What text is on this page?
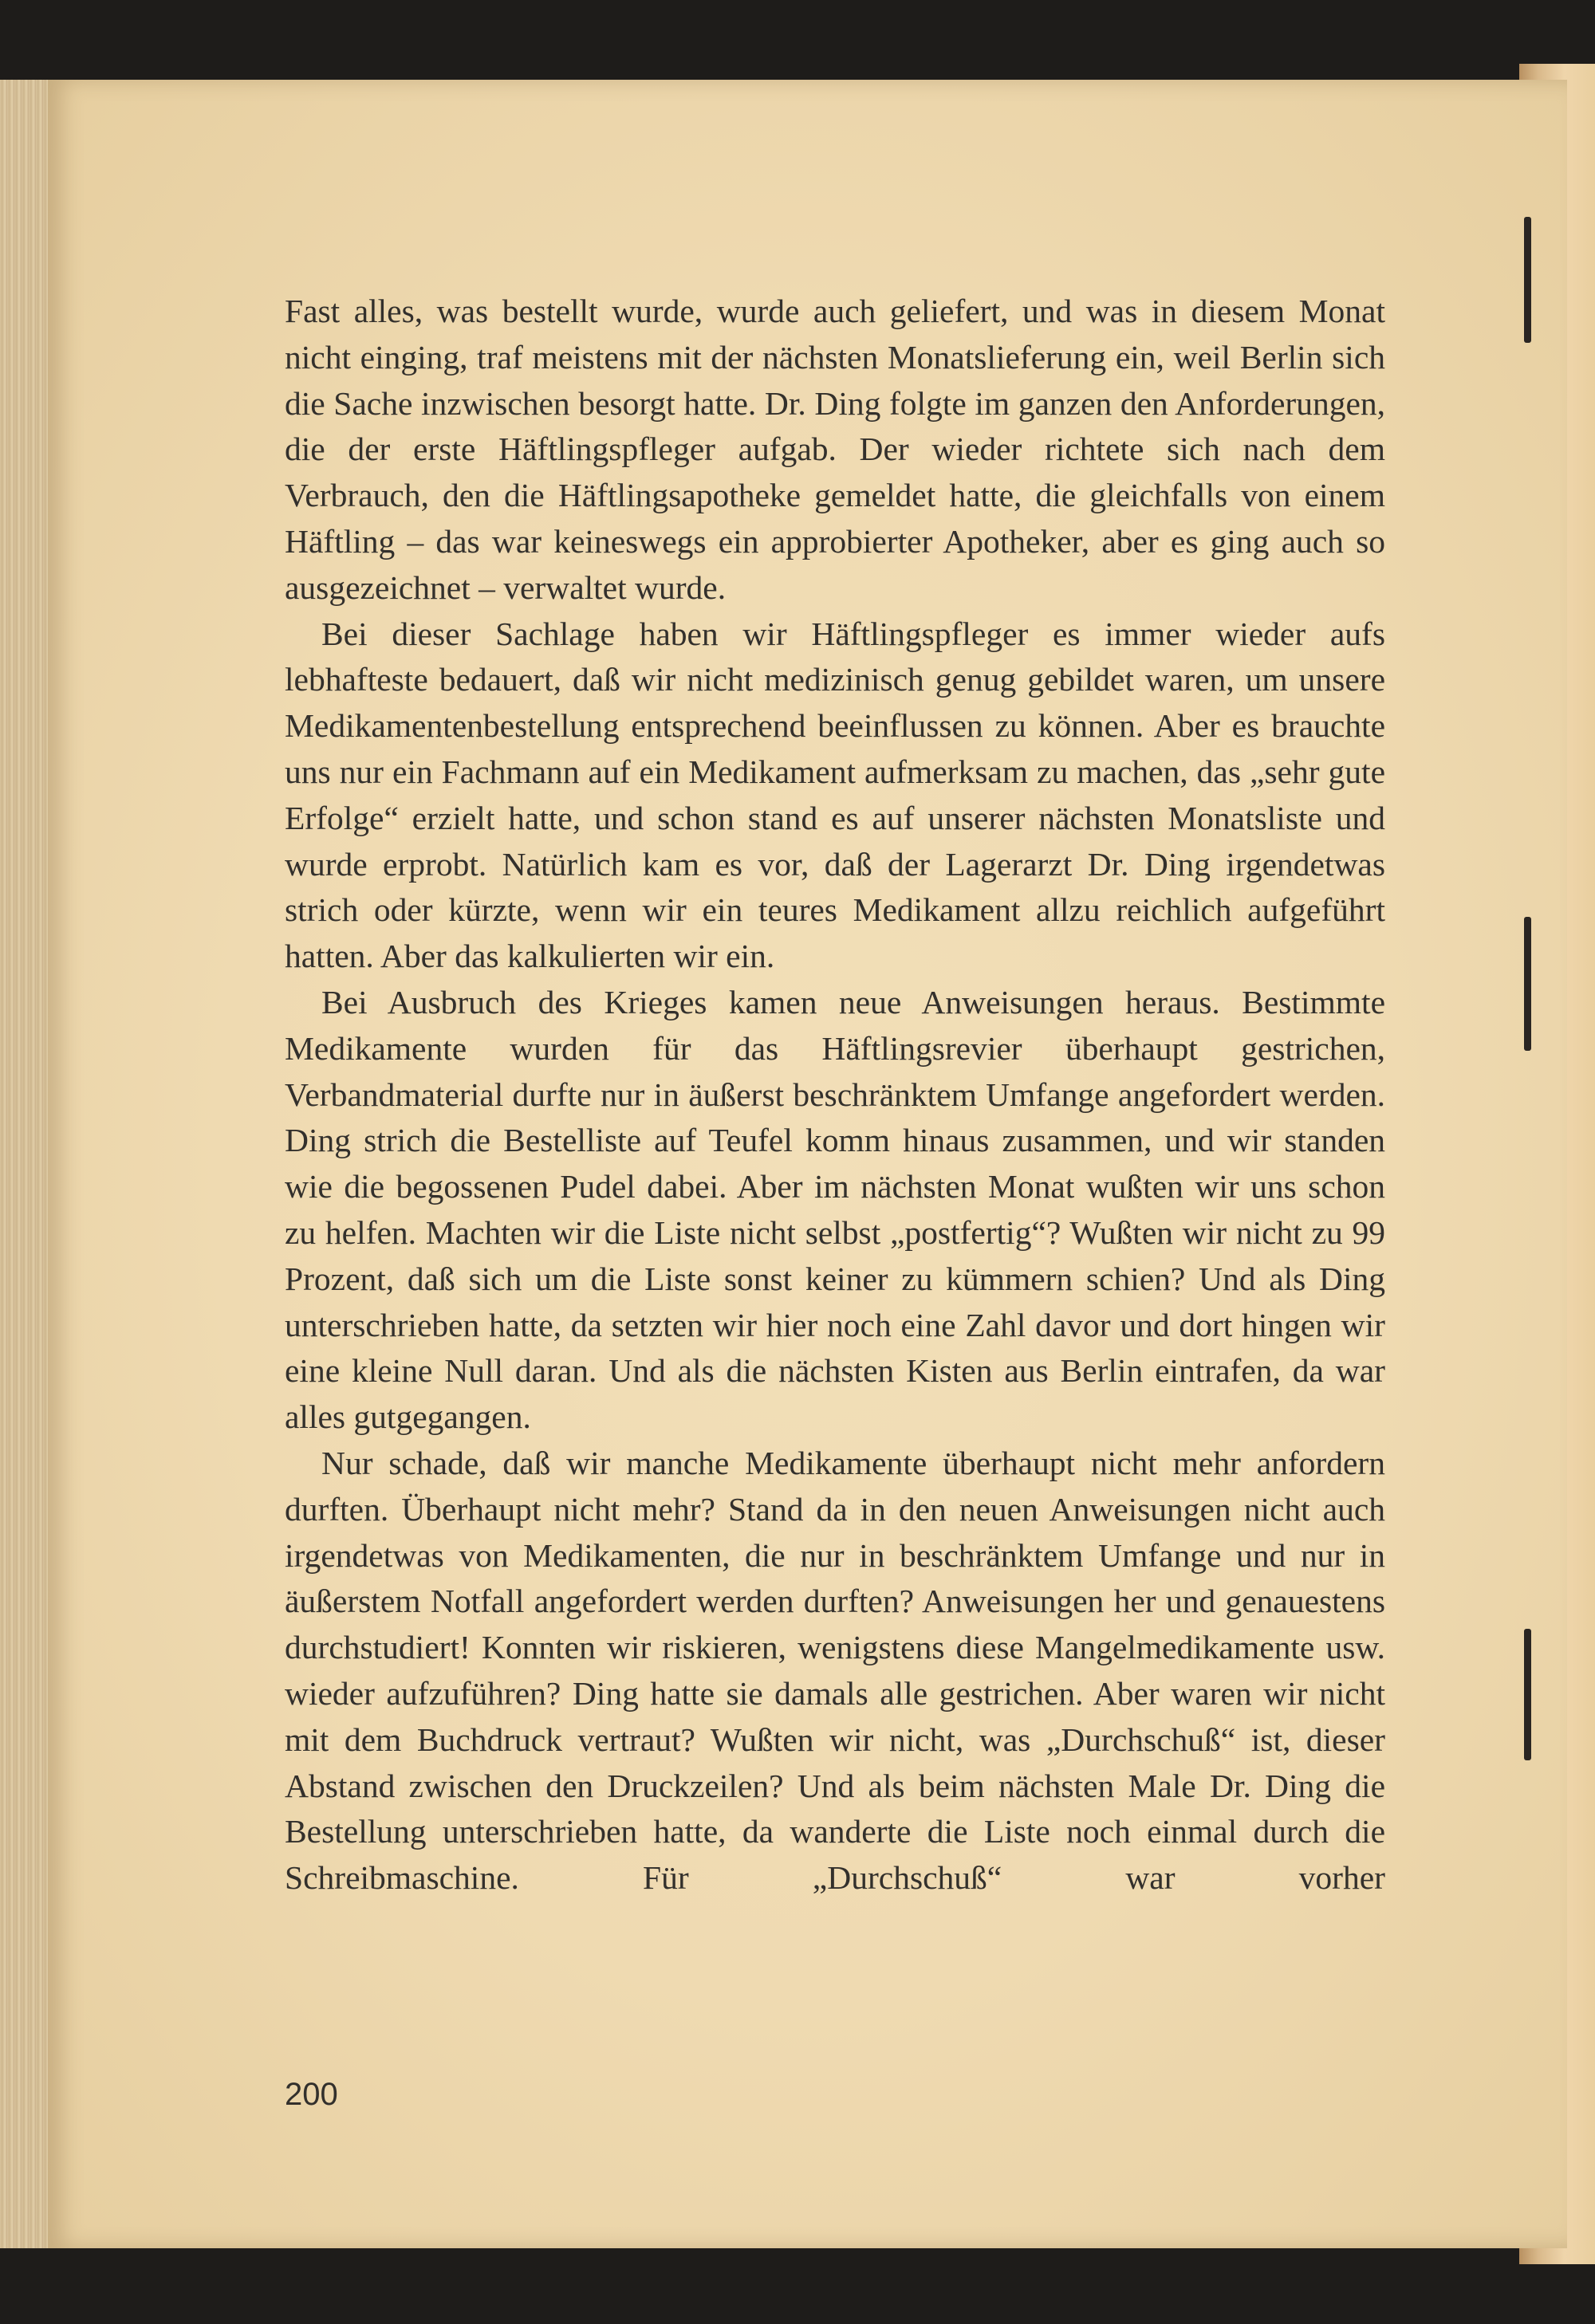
Fast alles, was bestellt wurde, wurde auch geliefert, und was in diesem Monat nicht einging, traf meistens mit der nächsten Monatslieferung ein, weil Berlin sich die Sache inzwischen besorgt hatte. Dr. Ding folgte im ganzen den Anforderungen, die der erste Häftlingspfleger aufgab. Der wieder richtete sich nach dem Verbrauch, den die Häftlingsapotheke gemeldet hatte, die gleichfalls von einem Häftling – das war keineswegs ein approbierter Apotheker, aber es ging auch so ausgezeichnet – verwaltet wurde.

Bei dieser Sachlage haben wir Häftlingspfleger es immer wieder aufs lebhafteste bedauert, daß wir nicht medizinisch genug gebildet waren, um unsere Medikamentenbestellung entsprechend beeinflussen zu können. Aber es brauchte uns nur ein Fachmann auf ein Medikament aufmerksam zu machen, das „sehr gute Erfolge“ erzielt hatte, und schon stand es auf unserer nächsten Monatsliste und wurde erprobt. Natürlich kam es vor, daß der Lagerarzt Dr. Ding irgendetwas strich oder kürzte, wenn wir ein teures Medikament allzu reichlich aufgeführt hatten. Aber das kalkulierten wir ein.

Bei Ausbruch des Krieges kamen neue Anweisungen heraus. Bestimmte Medikamente wurden für das Häftlingsrevier überhaupt gestrichen, Verbandmaterial durfte nur in äußerst beschränktem Umfange angefordert werden. Ding strich die Bestelliste auf Teufel komm hinaus zusammen, und wir standen wie die begossenen Pudel dabei. Aber im nächsten Monat wußten wir uns schon zu helfen. Machten wir die Liste nicht selbst „postfertig“? Wußten wir nicht zu 99 Prozent, daß sich um die Liste sonst keiner zu kümmern schien? Und als Ding unterschrieben hatte, da setzten wir hier noch eine Zahl davor und dort hingen wir eine kleine Null daran. Und als die nächsten Kisten aus Berlin eintrafen, da war alles gutgegangen.

Nur schade, daß wir manche Medikamente überhaupt nicht mehr anfordern durften. Überhaupt nicht mehr? Stand da in den neuen Anweisungen nicht auch irgendetwas von Medikamenten, die nur in beschränktem Umfange und nur in äußerstem Notfall angefordert werden durften? Anweisungen her und genauestens durchstudiert! Konnten wir riskieren, wenigstens diese Mangelmedikamente usw. wieder aufzuführen? Ding hatte sie damals alle gestrichen. Aber waren wir nicht mit dem Buchdruck vertraut? Wußten wir nicht, was „Durchschuß“ ist, dieser Abstand zwischen den Druckzeilen? Und als beim nächsten Male Dr. Ding die Bestellung unterschrieben hatte, da wanderte die Liste noch einmal durch die Schreibmaschine. Für „Durchschuß“ war vorher

200
